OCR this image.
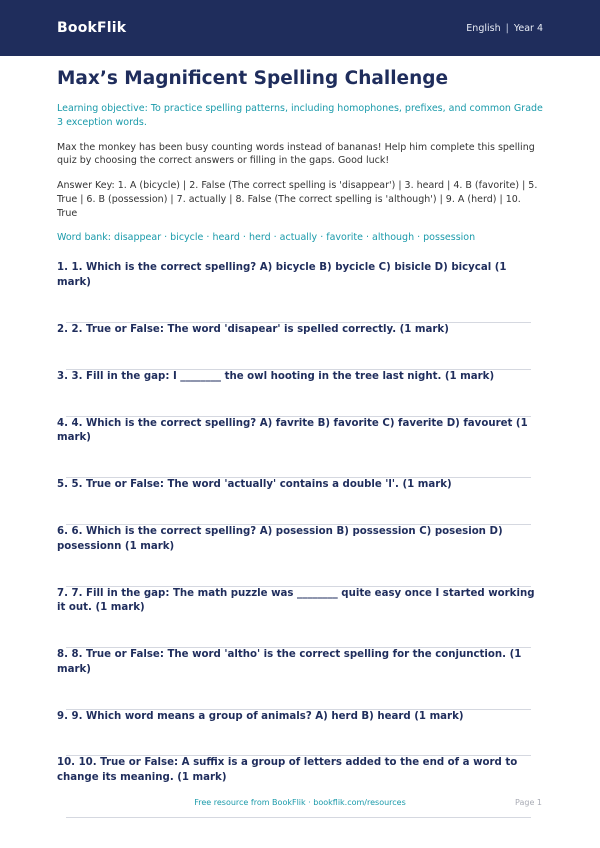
BookFlik	English | Year 4
Max’s Magnificent Spelling Challenge
Learning objective: To practice spelling patterns, including homophones, prefixes, and common Grade 3 exception words.
Max the monkey has been busy counting words instead of bananas! Help him complete this spelling quiz by choosing the correct answers or filling in the gaps. Good luck!
Answer Key: 1. A (bicycle) | 2. False (The correct spelling is 'disappear') | 3. heard | 4. B (favorite) | 5. True | 6. B (possession) | 7. actually | 8. False (The correct spelling is 'although') | 9. A (herd) | 10. True
Word bank: disappear · bicycle · heard · herd · actually · favorite · although · possession
1. 1. Which is the correct spelling? A) bicycle B) bycicle C) bisicle D) bicycal (1 mark)
2. 2. True or False: The word 'disapear' is spelled correctly. (1 mark)
3. 3. Fill in the gap: I ________ the owl hooting in the tree last night. (1 mark)
4. 4. Which is the correct spelling? A) favrite B) favorite C) faverite D) favouret (1 mark)
5. 5. True or False: The word 'actually' contains a double 'l'. (1 mark)
6. 6. Which is the correct spelling? A) posession B) possession C) posesion D) posessionn (1 mark)
7. 7. Fill in the gap: The math puzzle was ________ quite easy once I started working it out. (1 mark)
8. 8. True or False: The word 'altho' is the correct spelling for the conjunction. (1 mark)
9. 9. Which word means a group of animals? A) herd B) heard (1 mark)
10. 10. True or False: A suffix is a group of letters added to the end of a word to change its meaning. (1 mark)
Free resource from BookFlik · bookflik.com/resources	Page 1
